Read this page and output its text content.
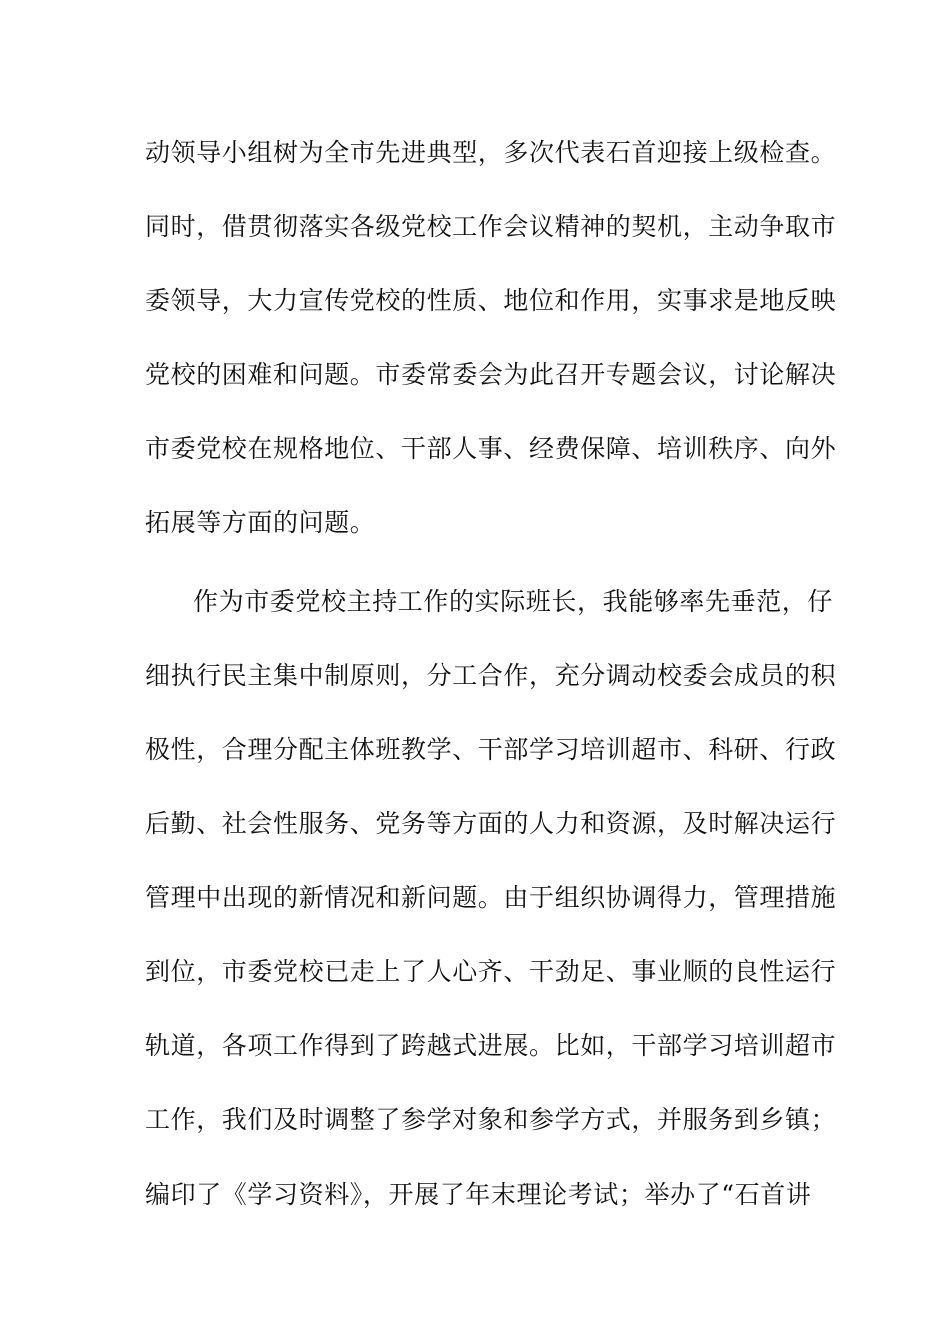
动领导小组树为全市先进典型，多次代表石首迎接上级检查。
同时，借贯彻落实各级党校工作会议精神的契机，主动争取市
委领导，大力宣传党校的性质、地位和作用，实事求是地反映
党校的困难和问题。市委常委会为此召开专题会议，讨论解决
市委党校在规格地位、干部人事、经费保障、培训秩序、向外
拓展等方面的问题。
作为市委党校主持工作的实际班长，我能够率先垂范，仔
细执行民主集中制原则，分工合作，充分调动校委会成员的积
极性，合理分配主体班教学、干部学习培训超市、科研、行政
后勤、社会性服务、党务等方面的人力和资源，及时解决运行
管理中出现的新情况和新问题。由于组织协调得力，管理措施
到位，市委党校已走上了人心齐、干劲足、事业顺的良性运行
轨道，各项工作得到了跨越式进展。比如，干部学习培训超市
工作，我们及时调整了参学对象和参学方式，并服务到乡镇；
编印了《学习资料》，开展了年末理论考试；举办了“石首讲
